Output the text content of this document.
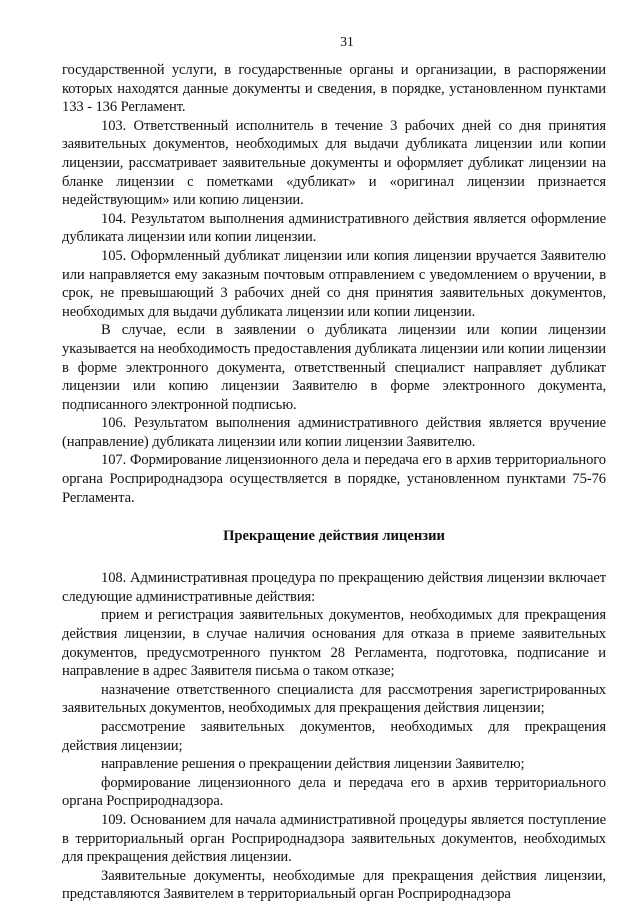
31

государственной услуги, в государственные органы и организации, в распоряжении которых находятся данные документы и сведения, в порядке, установленном пунктами 133 - 136 Регламент.

103. Ответственный исполнитель в течение 3 рабочих дней со дня принятия заявительных документов, необходимых для выдачи дубликата лицензии или копии лицензии, рассматривает заявительные документы и оформляет дубликат лицензии на бланке лицензии с пометками «дубликат» и «оригинал лицензии признается недействующим» или копию лицензии.

104. Результатом выполнения административного действия является оформление дубликата лицензии или копии лицензии.

105. Оформленный дубликат лицензии или копия лицензии вручается Заявителю или направляется ему заказным почтовым отправлением с уведомлением о вручении, в срок, не превышающий 3 рабочих дней со дня принятия заявительных документов, необходимых для выдачи дубликата лицензии или копии лицензии.

В случае, если в заявлении о дубликата лицензии или копии лицензии указывается на необходимость предоставления дубликата лицензии или копии лицензии в форме электронного документа, ответственный специалист направляет дубликат лицензии или копию лицензии Заявителю в форме электронного документа, подписанного электронной подписью.

106. Результатом выполнения административного действия является вручение (направление) дубликата лицензии или копии лицензии Заявителю.

107. Формирование лицензионного дела и передача его в архив территориального органа Росприроднадзора осуществляется в порядке, установленном пунктами 75-76 Регламента.

Прекращение действия лицензии

108. Административная процедура по прекращению действия лицензии включает следующие административные действия:

прием и регистрация заявительных документов, необходимых для прекращения действия лицензии, в случае наличия основания для отказа в приеме заявительных документов, предусмотренного пунктом 28 Регламента, подготовка, подписание и направление в адрес Заявителя письма о таком отказе;

назначение ответственного специалиста для рассмотрения зарегистрированных заявительных документов, необходимых для прекращения действия лицензии;

рассмотрение заявительных документов, необходимых для прекращения действия лицензии;

направление решения о прекращении действия лицензии Заявителю;

формирование лицензионного дела и передача его в архив территориального органа Росприроднадзора.

109. Основанием для начала административной процедуры является поступление в территориальный орган Росприроднадзора заявительных документов, необходимых для прекращения действия лицензии.

Заявительные документы, необходимые для прекращения действия лицензии, представляются Заявителем в территориальный орган Росприроднадзора
